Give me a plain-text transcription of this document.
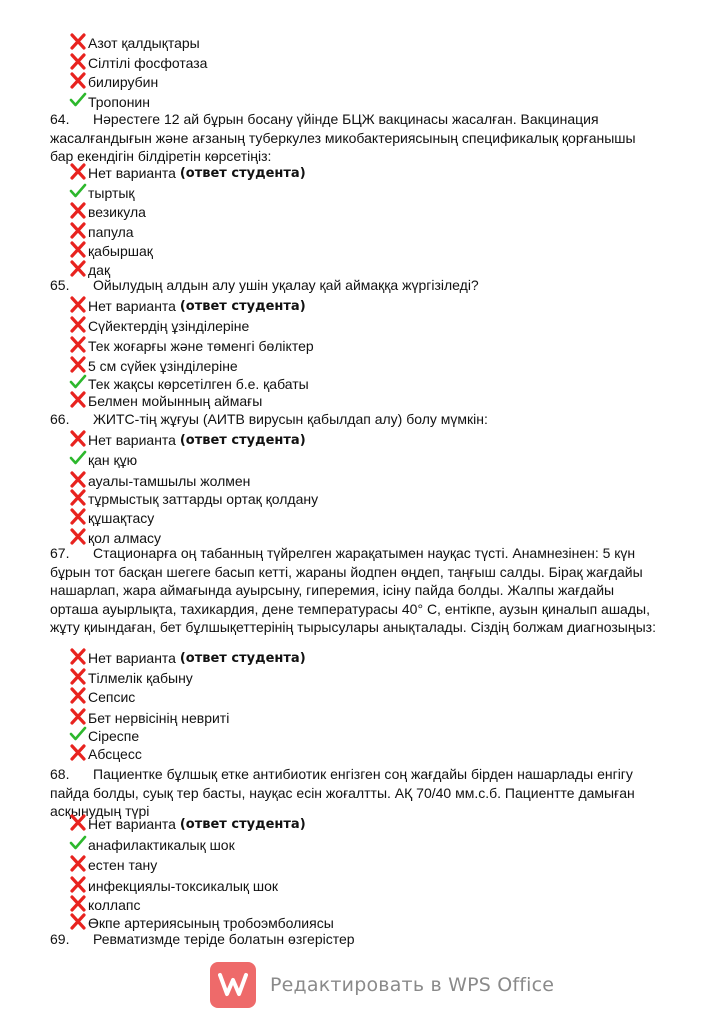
Азот қалдықтары
Сілтілі фосфотаза
билирубин
Тропонин
64. Нәрестеге 12 ай бұрын босану үйінде БЦЖ вакцинасы жасалған. Вакцинация жасалғандығын және ағзаның туберкулез микобактериясының спецификалық қорғанышы бар екендігін білдіретін көрсетіңіз:
Нет варианта (ответ студента)
тыртық
везикула
папула
қабыршақ
дақ
65. Ойылудың алдын алу ушін уқалау қай аймаққа жүргізіледі?
Нет варианта (ответ студента)
Сүйектердің ұзінділеріне
Тек жоғарғы және төменгі бөліктер
5 см сүйек ұзінділеріне
Тек жақсы көрсетілген б.е. қабаты
Белмен мойынның аймағы
66. ЖИТС-тің жұғуы (АИТВ вирусын қабылдап алу) болу мүмкін:
Нет варианта (ответ студента)
қан құю
ауалы-тамшылы жолмен
тұрмыстық заттарды ортақ қолдану
құшақтасу
қол алмасу
67. Стационарға оң табанның түйрелген жарақатымен науқас түсті. Анамнезінен: 5 күн бұрын тот басқан шегеге басып кетті, жараны йодпен өңдеп, таңғыш салды. Бірақ жағдайы нашарлап, жара аймағында ауырсыну, гиперемия, ісіну пайда болды. Жалпы жағдайы орташа ауырлықта, тахикардия, дене температурасы 40° С, ентікпе, аузын қиналып ашады, жұту қиындаған, бет бұлшықеттерінің тырысулары анықталады. Сіздің болжам диагнозыңыз:
Нет варианта (ответ студента)
Тілмелік қабыну
Сепсис
Бет нервісінің невриті
Сіреспе
Абсцесс
68. Пациентке бұлшық етке антибиотик енгізген соң жағдайы бірден нашарлады енгігу пайда болды, суық тер басты, науқас есін жоғалтты. АҚ 70/40 мм.с.б. Пациентте дамыған асқынудың түрі
Нет варианта (ответ студента)
анафилактикалық шок
естен тану
инфекциялы-токсикалық шок
коллапс
Өкпе артериясының тробоэмболиясы
69. Ревматизмде теріде болатын өзгерістер
Редактировать в WPS Office
